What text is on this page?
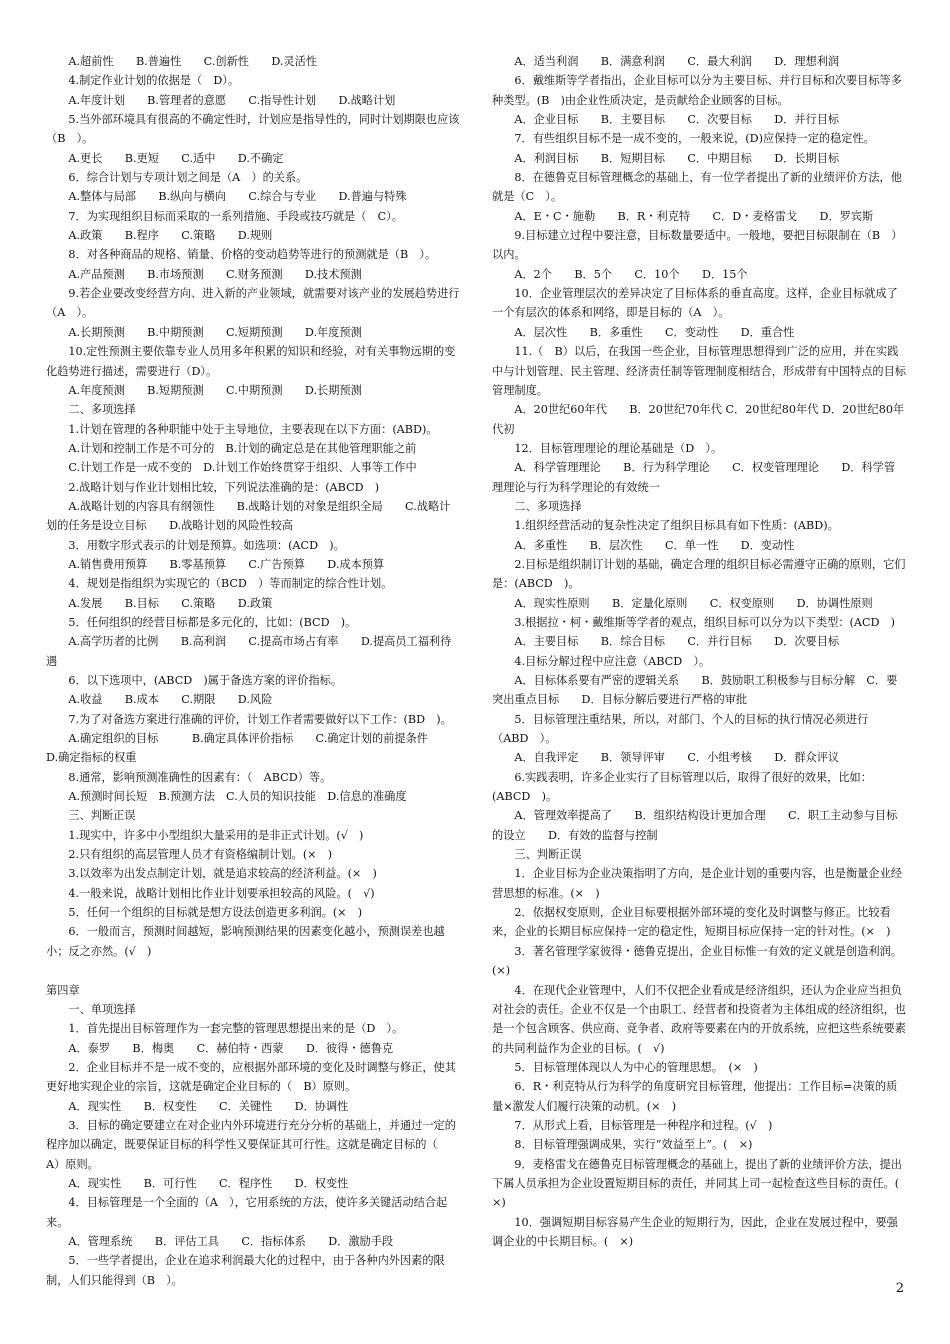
A.超前性　　B.普遍性　　C.创新性　　D.灵活性

4.制定作业计划的依据是（　D）。

A.年度计划　　B.管理者的意愿　　C.指导性计划　　D.战略计划

5.当外部环境具有很高的不确定性时，计划应是指导性的，同时计划期限也应该（B　）。

A.更长　　B.更短　　C.适中　　D.不确定

6．综合计划与专项计划之间是（A　）的关系。

A.整体与局部　　B.纵向与横向　　C.综合与专业　　D.普遍与特殊

7．为实现组织目标而采取的一系列措施、手段或技巧就是（　C）。

A.政策　　B.程序　　C.策略　　D.规则

8．对各种商品的规格、销量、价格的变动趋势等进行的预测就是（B　）。

A.产品预测　　B.市场预测　　C.财务预测　　D.技术预测

9.若企业要改变经营方向、进入新的产业领域，就需要对该产业的发展趋势进行（A　）。

A.长期预测　　B.中期预测　　C.短期预测　　D.年度预测

10.定性预测主要依靠专业人员用多年积累的知识和经验，对有关事物远期的变化趋势进行描述，需要进行（D）。

A.年度预测　　B.短期预测　　C.中期预测　　D.长期预测

二、多项选择

1.计划在管理的各种职能中处于主导地位，主要表现在以下方面：(ABD)。

A.计划和控制工作是不可分的　B.计划的确定总是在其他管理职能之前

C.计划工作是一成不变的　D.计划工作始终贯穿于组织、人事等工作中

2.战略计划与作业计划相比较，下列说法准确的是：(ABCD　)

A.战略计划的内容具有纲领性　　B.战略计划的对象是组织全局　　C.战略计划的任务是设立目标　　D.战略计划的风险性较高

3．用数字形式表示的计划是预算。如选项：(ACD　)。

A.销售费用预算　　B.零基预算　　C.广告预算　　D.成本预算

4．规划是指组织为实现它的（BCD　）等而制定的综合性计划。

A.发展　　B.目标　　C.策略　　D.政策

5．任何组织的经营目标都是多元化的，比如：(BCD　)。

A.高学历者的比例　　B.高利润　　C.提高市场占有率　　D.提高员工福利待遇

6．以下选项中，(ABCD　)属于备选方案的评价指标。

A.收益　　B.成本　　C.期限　　D.风险

7.为了对备选方案进行准确的评价，计划工作者需要做好以下工作：(BD　)。

A.确定组织的目标　　　B.确定具体评价指标　　C.确定计划的前提条件　　D.确定指标的权重

8.通常，影响预测准确性的因素有：（　ABCD）等。

A.预测时间长短　B.预测方法　C.人员的知识技能　D.信息的准确度

三、判断正误

1.现实中，许多中小型组织大量采用的是非正式计划。(√　)

2.只有组织的高层管理人员才有资格编制计划。(×　)

3.以效率为出发点制定计划，就是追求较高的经济利益。(×　)

4.一般来说，战略计划相比作业计划要承担较高的风险。(　√)

5．任何一个组织的目标就是想方设法创造更多利润。(×　)

6．一般而言，预测时间越短，影响预测结果的因素变化越小，预测误差也越小；反之亦然。(√　)

第四章

一、单项选择

1．首先提出目标管理作为一套完整的管理思想提出来的是（D　）。

A．泰罗　　B．梅奥　　C．赫伯特・西蒙　　D．彼得・德鲁克

2．企业目标并不是一成不变的，应根据外部环境的变化及时调整与修正，使其更好地实现企业的宗旨，这就是确定企业目标的（　B）原则。

A．现实性　　B．权变性　　C．关键性　　D．协调性

3．目标的确定要建立在对企业内外环境进行充分分析的基础上，并通过一定的程序加以确定，既要保证目标的科学性又要保证其可行性。这就是确定目标的（　A）原则。

A．现实性　　B．可行性　　C．程序性　　D．权变性

4．目标管理是一个全面的（A　），它用系统的方法，使许多关键活动结合起来。

A．管理系统　　B．评估工具　　C．指标体系　　D．激励手段

5．一些学者提出，企业在追求利润最大化的过程中，由于各种内外因素的限制，人们只能得到（B　）。

A．适当利润　　B．满意利润　　C．最大利润　　D．理想利润

6．戴维斯等学者指出，企业目标可以分为主要目标、并行目标和次要目标等多种类型。(B　)由企业性质决定，是贡献给企业顾客的目标。

A．企业目标　　B．主要目标　　C．次要目标　　D．并行目标

7．有些组织目标不是一成不变的，一般来说，(D)应保持一定的稳定性。

A．利润目标　　B．短期目标　　C．中期目标　　D．长期目标

8．在德鲁克目标管理概念的基础上，有一位学者提出了新的业绩评价方法，他就是（C　）。

A．E・C・施勒　　B．R・利克特　　C．D・麦格雷戈　　D．罗宾斯

9.目标建立过程中要注意，目标数量要适中。一般地，要把目标限制在（B　）以内。

A．2个　　B．5个　　C．10个　　D．15个

10．企业管理层次的差异决定了目标体系的垂直高度。这样，企业目标就成了一个有层次的体系和网络，即是目标的（A　）。

A．层次性　　B．多重性　　C．变动性　　D．重合性

11.（　B）以后，在我国一些企业，目标管理思想得到广泛的应用，并在实践中与计划管理、民主管理、经济责任制等管理制度相结合，形成带有中国特点的目标管理制度。

A．20世纪60年代　　B．20世纪70年代 C．20世纪80年代 D．20世纪80年代初

12．目标管理理论的理论基础是（D　）。

A．科学管理理论　　B．行为科学理论　　C．权变管理理论　　D．科学管理理论与行为科学理论的有效统一

二、多项选择

1.组织经营活动的复杂性决定了组织目标具有如下性质：(ABD)。

A．多重性　　B．层次性　　C．单一性　　D．变动性

2.目标是组织制订计划的基础，确定合理的组织目标必需遵守正确的原则，它们是：(ABCD　)。

A．现实性原则　　B．定量化原则　　C．权变原则　　D．协调性原则

3.根据拉・柯・戴维斯等学者的观点，组织目标可以分为以下类型：(ACD　)

A．主要目标　　B．综合目标　　C．并行目标　　D．次要目标

4.目标分解过程中应注意（ABCD　）。

A．目标体系要有严密的逻辑关系　　B．鼓励职工积极参与目标分解　C．要突出重点目标　　D．目标分解后要进行严格的审批

5．目标管理注重结果，所以，对部门、个人的目标的执行情况必须进行（ABD　）。

A．自我评定　　B．领导评审　　C．小组考核　　D．群众评议

6.实践表明，许多企业实行了目标管理以后，取得了很好的效果，比如：(ABCD　)。

A．管理效率提高了　　B．组织结构设计更加合理　　C．职工主动参与目标的设立　　D．有效的监督与控制

三、判断正误

1．企业目标为企业决策指明了方向，是企业计划的重要内容，也是衡量企业经营思想的标准。(×　)

2．依据权变原则，企业目标要根据外部环境的变化及时调整与修正。比较看来，企业的长期目标应保持一定的稳定性，短期目标应保持一定的针对性。(×　)

3．著名管理学家彼得・德鲁克提出，企业目标惟一有效的定义就是创造利润。(×)

4．在现代企业管理中，人们不仅把企业看成是经济组织，还认为企业应当担负对社会的责任。企业不仅是一个由职工、经营者和投资者为主体组成的经济组织，也是一个包含顾客、供应商、竞争者、政府等要素在内的开放系统，应把这些系统要素的共同利益作为企业的目标。(　√)

5．目标管理体现以人为中心的管理思想。　(×　)

6．R・利克特从行为科学的角度研究目标管理，他提出：工作目标=决策的质量×激发人们履行决策的动机。(×　)

7．从形式上看，目标管理是一种程序和过程。(√　)

8．目标管理强调成果，实行“效益至上”。(　×)

9．麦格雷戈在德鲁克目标管理概念的基础上，提出了新的业绩评价方法，提出下属人员承担为企业设置短期目标的责任，并同其上司一起检查这些目标的责任。(　×)

10．强调短期目标容易产生企业的短期行为，因此，企业在发展过程中，要强调企业的中长期目标。(　×)

2
